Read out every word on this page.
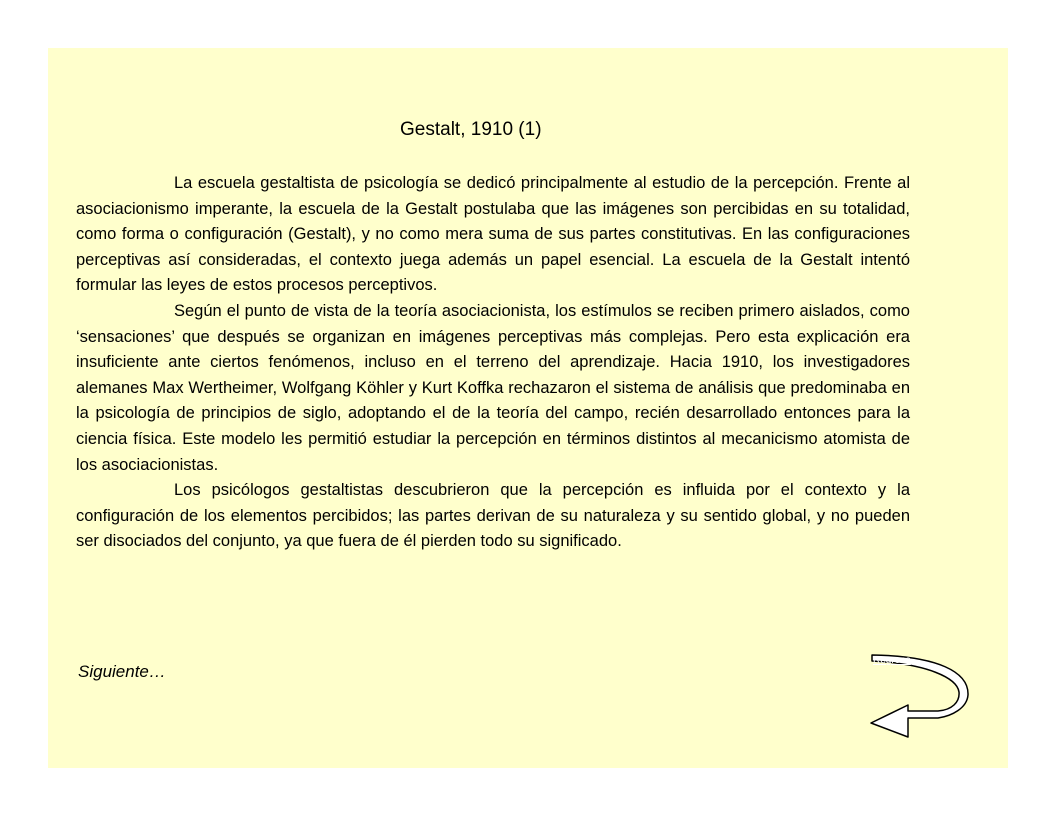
Gestalt, 1910 (1)

La escuela gestaltista de psicología se dedicó principalmente al estudio de la percepción. Frente al asociacionismo imperante, la escuela de la Gestalt postulaba que las imágenes son percibidas en su totalidad, como forma o configuración (Gestalt), y no como mera suma de sus partes constitutivas. En las configuraciones perceptivas así consideradas, el contexto juega además un papel esencial. La escuela de la Gestalt intentó formular las leyes de estos procesos perceptivos.

Según el punto de vista de la teoría asociacionista, los estímulos se reciben primero aislados, como ‘sensaciones’ que después se organizan en imágenes perceptivas más complejas. Pero esta explicación era insuficiente ante ciertos fenómenos, incluso en el terreno del aprendizaje. Hacia 1910, los investigadores alemanes Max Wertheimer, Wolfgang Köhler y Kurt Koffka rechazaron el sistema de análisis que predominaba en la psicología de principios de siglo, adoptando el de la teoría del campo, recién desarrollado entonces para la ciencia física. Este modelo les permitió estudiar la percepción en términos distintos al mecanicismo atomista de los asociacionistas.

Los psicólogos gestaltistas descubrieron que la percepción es influida por el contexto y la configuración de los elementos percibidos; las partes derivan de su naturaleza y su sentido global, y no pueden ser disociados del conjunto, ya que fuera de él pierden todo su significado.

Siguiente…
Regreso
